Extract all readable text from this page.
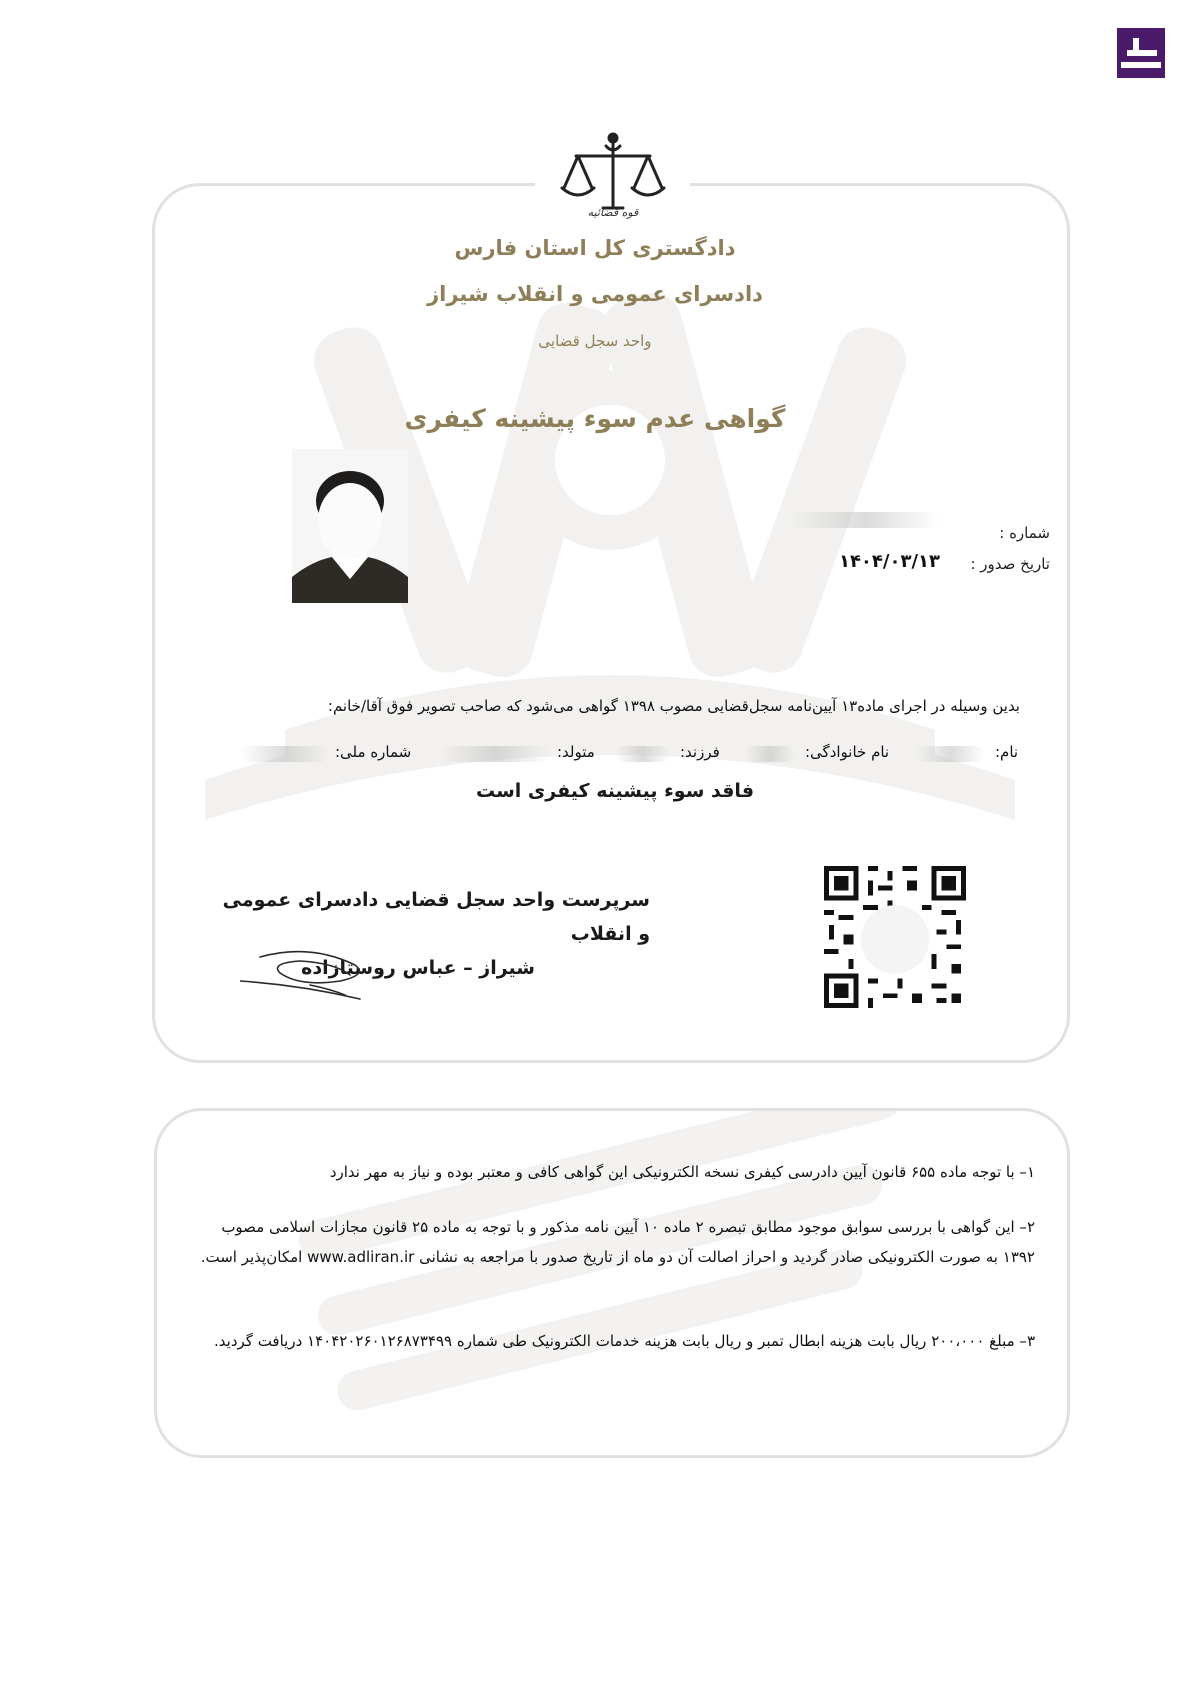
قوه قضائیه
دادگستری کل استان فارس
دادسرای عمومی و انقلاب شیراز
واحد سجل قضایی
گواهی عدم سوء پیشینه کیفری
شماره :
تاریخ صدور :
۱۴۰۴/۰۳/۱۳
بدین وسیله در اجرای ماده۱۳ آیین‌نامه سجل‌قضایی مصوب ۱۳۹۸ گواهی می‌شود که صاحب تصویر فوق آقا/خانم:
نام:
نام خانوادگی:
فرزند:
متولد:
شماره ملی:
فاقد سوء پیشینه کیفری است
سرپرست واحد سجل قضایی دادسرای عمومی و انقلاب
شیراز – عباس روستازاده
۱– با توجه ماده ۶۵۵ قانون آیین دادرسی کیفری نسخه الکترونیکی این گواهی کافی و معتبر بوده و نیاز به مهر ندارد
۲– این گواهی با بررسی سوابق موجود مطابق تبصره ۲ ماده ۱۰ آیین نامه مذکور و با توجه به ماده ۲۵ قانون مجازات اسلامی مصوب ۱۳۹۲ به صورت الکترونیکی صادر گردید و احراز اصالت آن دو ماه از تاریخ صدور با مراجعه به نشانی www.adliran.ir امکان‌پذیر است.
۳– مبلغ ۲۰۰،۰۰۰ ریال بابت هزینه ابطال تمبر و ریال بابت هزینه خدمات الکترونیک طی شماره ۱۴۰۴۲۰۲۶۰۱۲۶۸۷۳۴۹۹ دریافت گردید.
